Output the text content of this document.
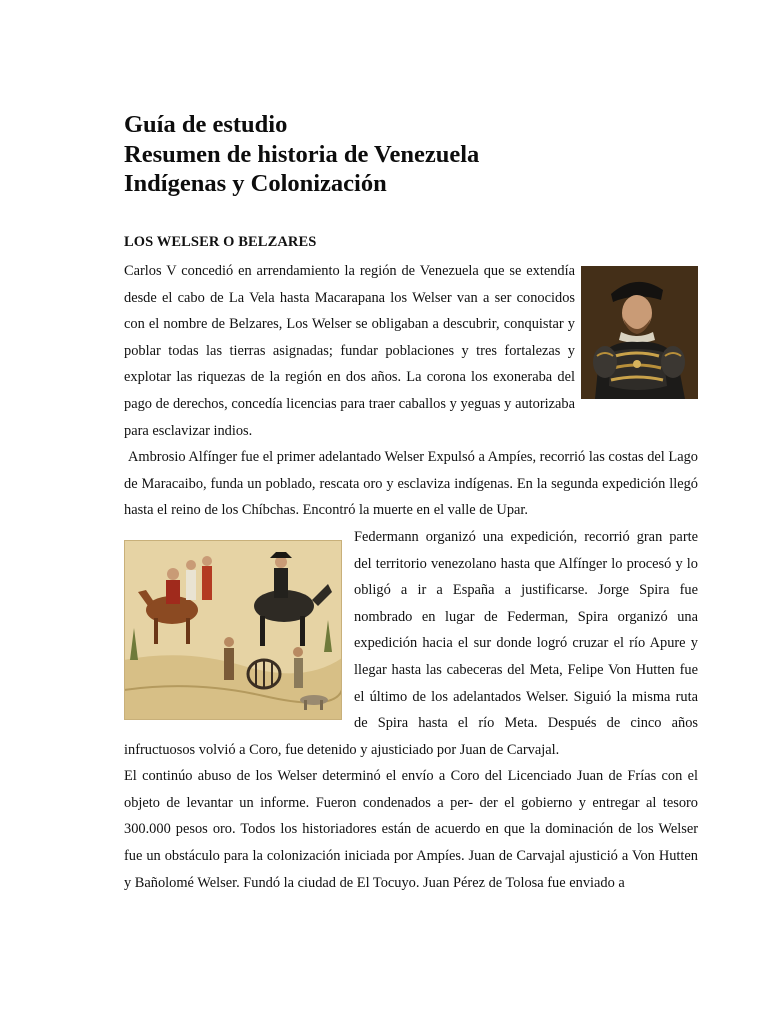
Guía de estudio
Resumen de historia de Venezuela
Indígenas y Colonización
LOS WELSER O BELZARES

Carlos V concedió en arrendamiento la región de Venezuela que se extendía desde el cabo de La Vela hasta Macarapana los Welser van a ser conocidos con el nombre de Belzares, Los Welser se obligaban a descubrir, conquistar y poblar todas las tierras asignadas; fundar poblaciones y tres fortalezas y explotar las riquezas de la región en dos años. La corona los exoneraba del pago de derechos, concedía licencias para traer caballos y yeguas y autorizaba para esclavizar indios.

Ambrosio Alfínger fue el primer adelantado Welser Expulsó a Ampíes, recorrió las costas del Lago de Maracaibo, funda un poblado, rescata oro y esclaviza indígenas. En la segunda expedición llegó hasta el reino de los Chíbchas. Encontró la muerte en el valle de Upar.

Federmann organizó una expedición, recorrió gran parte del territorio venezolano hasta que Alfínger lo procesó y lo obligó a ir a España a justificarse. Jorge Spira fue nombrado en lugar de Federman, Spira organizó una expedición hacia el sur donde logró cruzar el río Apure y llegar hasta las cabeceras del Meta, Felipe Von Hutten fue el último de los adelantados Welser. Siguió la misma ruta de Spira hasta el río Meta. Después de cinco años infructuosos volvió a Coro, fue detenido y ajusticiado por Juan de Carvajal.

El continúo abuso de los Welser determinó el envío a Coro del Licenciado Juan de Frías con el objeto de levantar un informe. Fueron condenados a per- der el gobierno y entregar al tesoro 300.000 pesos oro. Todos los historiadores están de acuerdo en que la dominación de los Welser fue un obstáculo para la colonización iniciada por Ampíes. Juan de Carvajal ajustició a Von Hutten y Bañolomé Welser. Fundó la ciudad de El Tocuyo. Juan Pérez de Tolosa fue enviado a
